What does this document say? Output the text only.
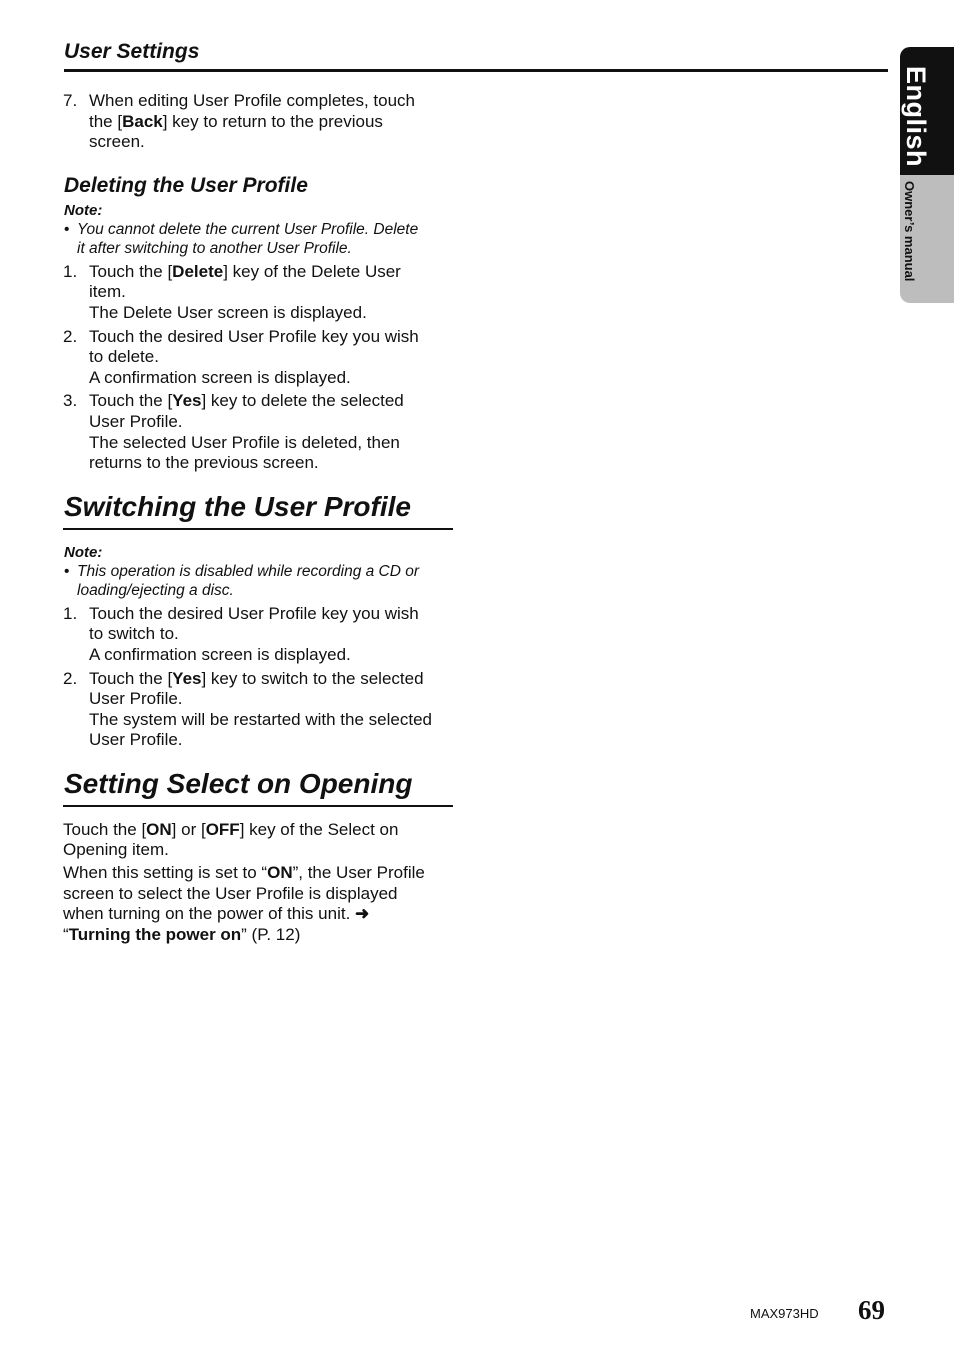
User Settings
English
Owner’s manual
7. When editing User Profile completes, touch

the [Back] key to return to the previous

screen.

Deleting the User Profile
Note:
• You cannot delete the current User Profile. Delete
it after switching to another User Profile.
1. Touch the [Delete] key of the Delete User

item.

The Delete User screen is displayed.

2. Touch the desired User Profile key you wish

to delete.

A confirmation screen is displayed.

3. Touch the [Yes] key to delete the selected

User Profile.

The selected User Profile is deleted, then

returns to the previous screen.

Switching the User Profile
Note:
• This operation is disabled while recording a CD or
loading/ejecting a disc.
1. Touch the desired User Profile key you wish

to switch to.

A confirmation screen is displayed.

2. Touch the [Yes] key to switch to the selected

User Profile.

The system will be restarted with the selected

User Profile.

Setting Select on Opening
Touch the [ON] or [OFF] key of the Select on
Opening item.
When this setting is set to “ON”, the User Profile
screen to select the User Profile is displayed
when turning on the power of this unit. ➜
“Turning the power on” (P. 12)
MAX973HD 69
